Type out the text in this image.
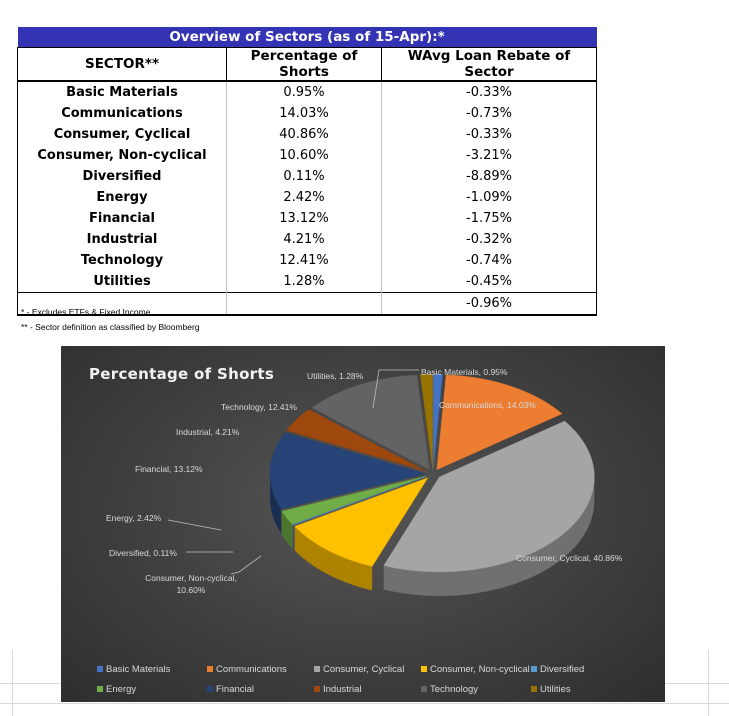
Overview of Sectors (as of 15-Apr):*		
SECTOR**	Percentage of Shorts	WAvg Loan Rebate of Sector
Basic Materials	0.95%	-0.33%
Communications	14.03%	-0.73%
Consumer, Cyclical	40.86%	-0.33%
Consumer, Non-cyclical	10.60%	-3.21%
Diversified	0.11%	-8.89%
Energy	2.42%	-1.09%
Financial	13.12%	-1.75%
Industrial	4.21%	-0.32%
Technology	12.41%	-0.74%
Utilities	1.28%	-0.45%
		-0.96%
* - Excludes ETFs & Fixed Income
** - Sector definition as classified by Bloomberg
Basic Materials, 0.95%
Communications, 14.03%
Consumer, Cyclical, 40.86%
Consumer, Non-cyclical, 10.60%
Diversified, 0.11%
Energy, 2.42%
Financial, 13.12%
Industrial, 4.21%
Technology, 12.41%
Utilities, 1.28%
Percentage of Shorts
Basic Materials	Communications	Consumer, Cyclical	Consumer, Non-cyclical	Diversified
Energy	Financial	Industrial	Technology	Utilities
